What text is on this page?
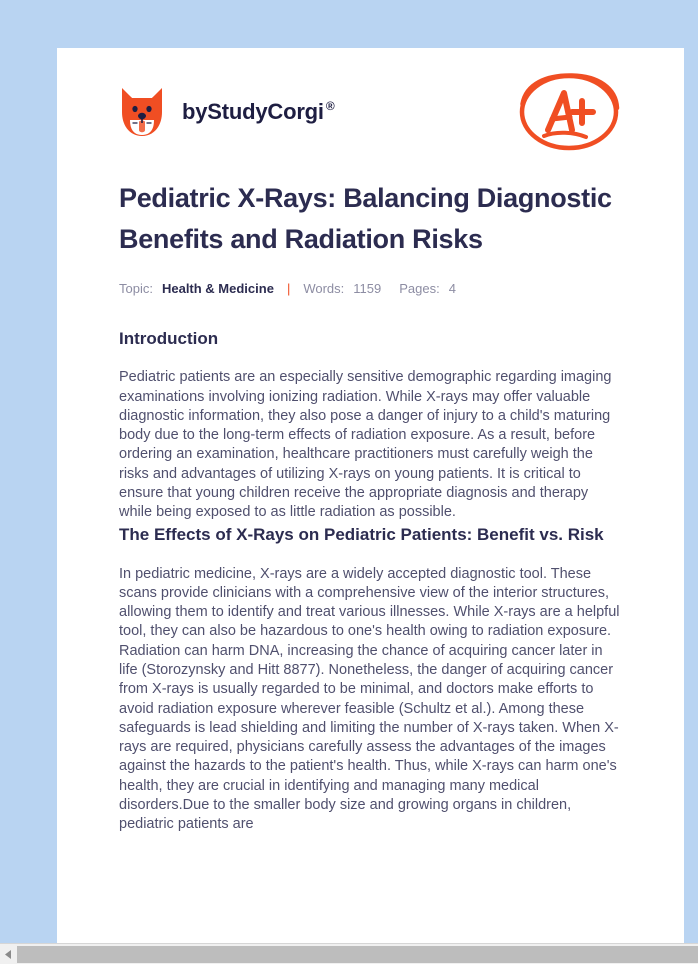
by StudyCorgi ®
Pediatric X-Rays: Balancing Diagnostic Benefits and Radiation Risks
Topic: Health & Medicine | Words: 1159 Pages: 4
Introduction

Pediatric patients are an especially sensitive demographic regarding imaging examinations involving ionizing radiation. While X-rays may offer valuable diagnostic information, they also pose a danger of injury to a child's maturing body due to the long-term effects of radiation exposure. As a result, before ordering an examination, healthcare practitioners must carefully weigh the risks and advantages of utilizing X-rays on young patients. It is critical to ensure that young children receive the appropriate diagnosis and therapy while being exposed to as little radiation as possible.

The Effects of X-Rays on Pediatric Patients: Benefit vs. Risk

In pediatric medicine, X-rays are a widely accepted diagnostic tool. These scans provide clinicians with a comprehensive view of the interior structures, allowing them to identify and treat various illnesses. While X-rays are a helpful tool, they can also be hazardous to one's health owing to radiation exposure. Radiation can harm DNA, increasing the chance of acquiring cancer later in life (Storozynsky and Hitt 8877). Nonetheless, the danger of acquiring cancer from X-rays is usually regarded to be minimal, and doctors make efforts to avoid radiation exposure wherever feasible (Schultz et al.). Among these safeguards is lead shielding and limiting the number of X-rays taken. When X-rays are required, physicians carefully assess the advantages of the images against the hazards to the patient's health. Thus, while X-rays can harm one's health, they are crucial in identifying and managing many medical disorders.Due to the smaller body size and growing organs in children, pediatric patients are
